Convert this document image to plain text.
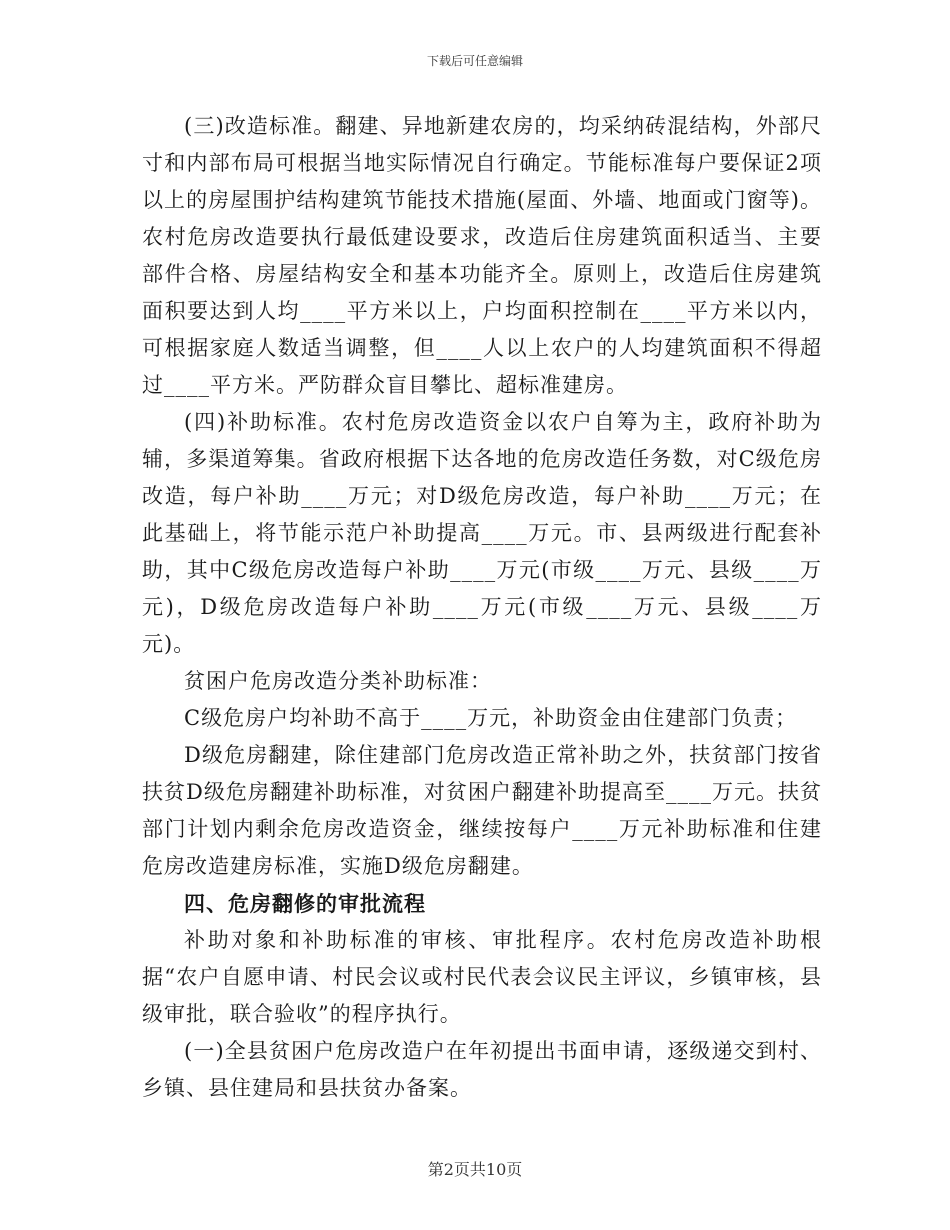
下载后可任意编辑

(三)改造标准。翻建、异地新建农房的，均采纳砖混结构，外部尺寸和内部布局可根据当地实际情况自行确定。节能标准每户要保证2项以上的房屋围护结构建筑节能技术措施(屋面、外墙、地面或门窗等)。农村危房改造要执行最低建设要求，改造后住房建筑面积适当、主要部件合格、房屋结构安全和基本功能齐全。原则上，改造后住房建筑面积要达到人均____平方米以上，户均面积控制在____平方米以内，可根据家庭人数适当调整，但____人以上农户的人均建筑面积不得超过____平方米。严防群众盲目攀比、超标准建房。

(四)补助标准。农村危房改造资金以农户自筹为主，政府补助为辅，多渠道筹集。省政府根据下达各地的危房改造任务数，对C级危房改造，每户补助____万元；对D级危房改造，每户补助____万元；在此基础上，将节能示范户补助提高____万元。市、县两级进行配套补助，其中C级危房改造每户补助____万元(市级____万元、县级____万元)，D级危房改造每户补助____万元(市级____万元、县级____万元)。

贫困户危房改造分类补助标准：

C级危房户均补助不高于____万元，补助资金由住建部门负责；

D级危房翻建，除住建部门危房改造正常补助之外，扶贫部门按省扶贫D级危房翻建补助标准，对贫困户翻建补助提高至____万元。扶贫部门计划内剩余危房改造资金，继续按每户____万元补助标准和住建危房改造建房标准，实施D级危房翻建。

四、危房翻修的审批流程

补助对象和补助标准的审核、审批程序。农村危房改造补助根据“农户自愿申请、村民会议或村民代表会议民主评议，乡镇审核，县级审批，联合验收”的程序执行。

(一)全县贫困户危房改造户在年初提出书面申请，逐级递交到村、乡镇、县住建局和县扶贫办备案。

第2页共10页
